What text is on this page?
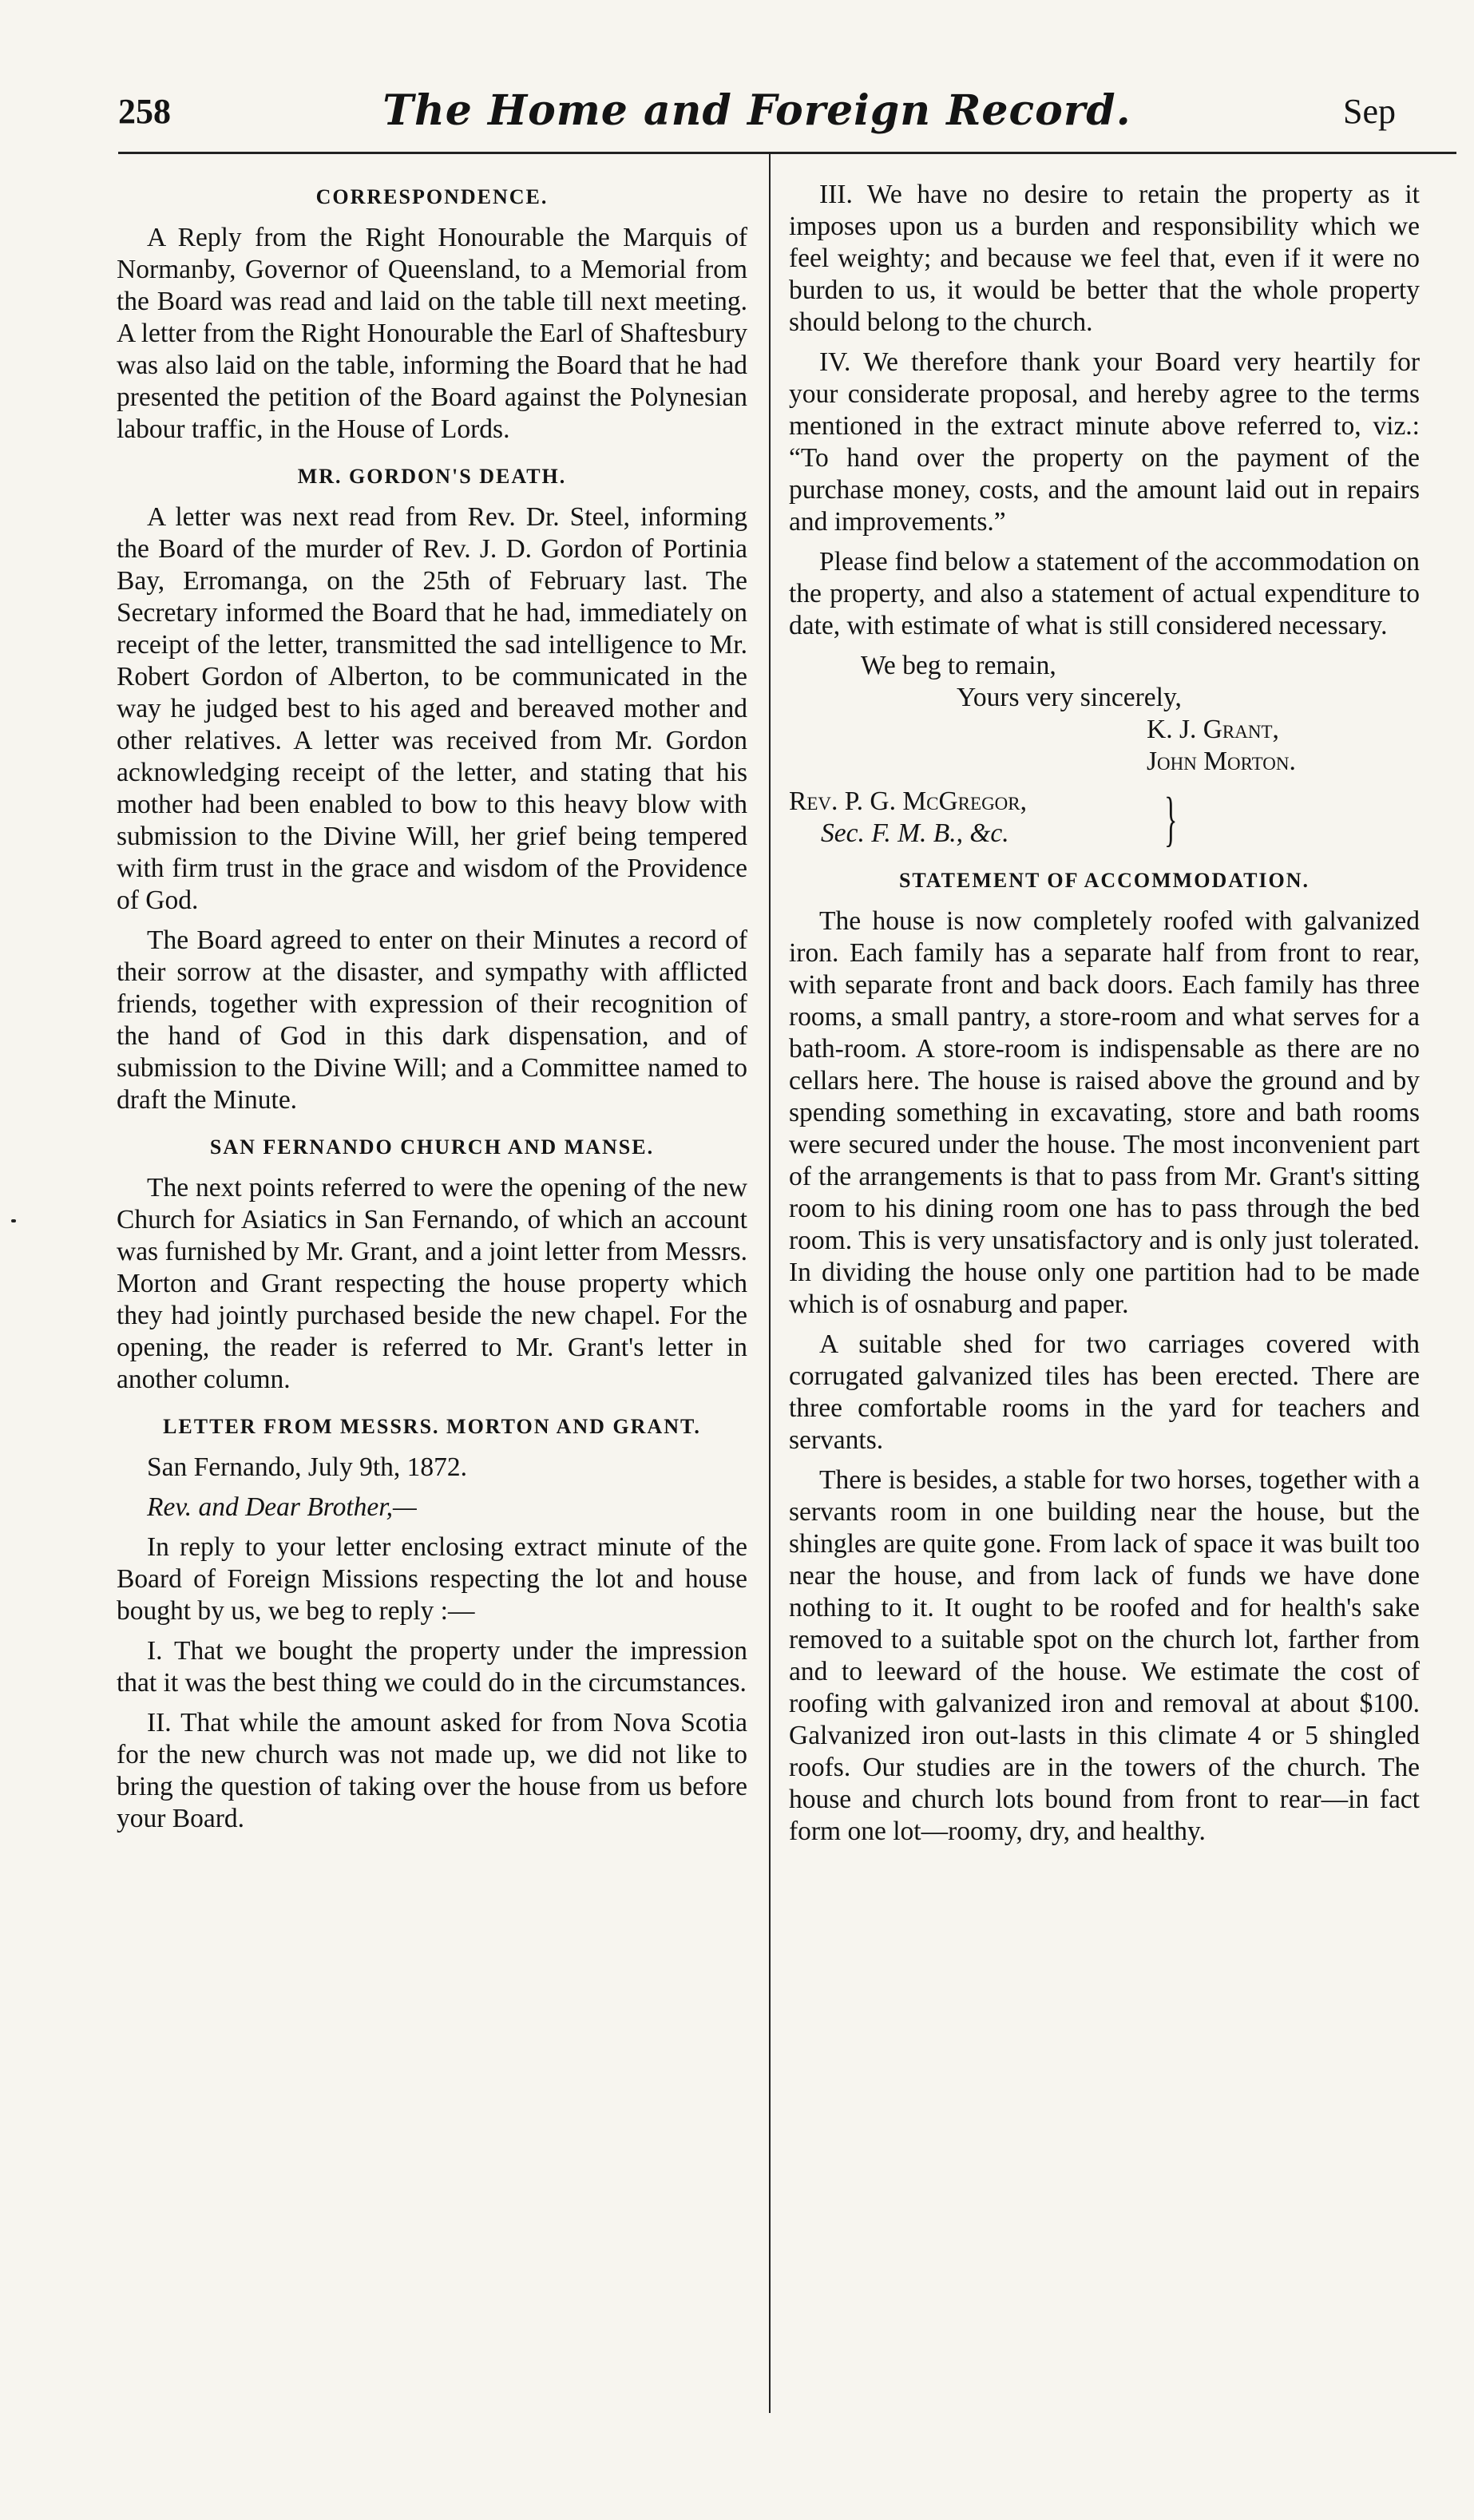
258	The Home and Foreign Record.	Sep
CORRESPONDENCE.

A Reply from the Right Honourable the Marquis of Normanby, Governor of Queensland, to a Memorial from the Board was read and laid on the table till next meeting. A letter from the Right Honourable the Earl of Shaftesbury was also laid on the table, informing the Board that he had presented the petition of the Board against the Polynesian labour traffic, in the House of Lords.

MR. GORDON'S DEATH.

A letter was next read from Rev. Dr. Steel, informing the Board of the murder of Rev. J. D. Gordon of Portinia Bay, Erromanga, on the 25th of February last. The Secretary informed the Board that he had, immediately on receipt of the letter, transmitted the sad intelligence to Mr. Robert Gordon of Alberton, to be communicated in the way he judged best to his aged and bereaved mother and other relatives. A letter was received from Mr. Gordon acknowledging receipt of the letter, and stating that his mother had been enabled to bow to this heavy blow with submission to the Divine Will, her grief being tempered with firm trust in the grace and wisdom of the Providence of God.

The Board agreed to enter on their Minutes a record of their sorrow at the disaster, and sympathy with afflicted friends, together with expression of their recognition of the hand of God in this dark dispensation, and of submission to the Divine Will; and a Committee named to draft the Minute.

SAN FERNANDO CHURCH AND MANSE.

The next points referred to were the opening of the new Church for Asiatics in San Fernando, of which an account was furnished by Mr. Grant, and a joint letter from Messrs. Morton and Grant respecting the house property which they had jointly purchased beside the new chapel. For the opening, the reader is referred to Mr. Grant's letter in another column.

LETTER FROM MESSRS. MORTON AND GRANT.

San Fernando, July 9th, 1872.

Rev. and Dear Brother,—

In reply to your letter enclosing extract minute of the Board of Foreign Missions respecting the lot and house bought by us, we beg to reply :—

I. That we bought the property under the impression that it was the best thing we could do in the circumstances.

II. That while the amount asked for from Nova Scotia for the new church was not made up, we did not like to bring the question of taking over the house from us before your Board.

III. We have no desire to retain the property as it imposes upon us a burden and responsibility which we feel weighty; and because we feel that, even if it were no burden to us, it would be better that the whole property should belong to the church.

IV. We therefore thank your Board very heartily for your considerate proposal, and hereby agree to the terms mentioned in the extract minute above referred to, viz.: “To hand over the property on the payment of the purchase money, costs, and the amount laid out in repairs and improvements.”

Please find below a statement of the accommodation on the property, and also a statement of actual expenditure to date, with estimate of what is still considered necessary.

We beg to remain,
Yours very sincerely,
K. J. Grant,
John Morton.
Rev. P. G. McGregor,
Sec. F. M. B., &c.	}
STATEMENT OF ACCOMMODATION.

The house is now completely roofed with galvanized iron. Each family has a separate half from front to rear, with separate front and back doors. Each family has three rooms, a small pantry, a store-room and what serves for a bath-room. A store-room is indispensable as there are no cellars here. The house is raised above the ground and by spending something in excavating, store and bath rooms were secured under the house. The most inconvenient part of the arrangements is that to pass from Mr. Grant's sitting room to his dining room one has to pass through the bed room. This is very unsatisfactory and is only just tolerated. In dividing the house only one partition had to be made which is of osnaburg and paper.

A suitable shed for two carriages covered with corrugated galvanized tiles has been erected. There are three comfortable rooms in the yard for teachers and servants.

There is besides, a stable for two horses, together with a servants room in one building near the house, but the shingles are quite gone. From lack of space it was built too near the house, and from lack of funds we have done nothing to it. It ought to be roofed and for health's sake removed to a suitable spot on the church lot, farther from and to leeward of the house. We estimate the cost of roofing with galvanized iron and removal at about $100. Galvanized iron out-lasts in this climate 4 or 5 shingled roofs. Our studies are in the towers of the church. The house and church lots bound from front to rear—in fact form one lot—roomy, dry, and healthy.
